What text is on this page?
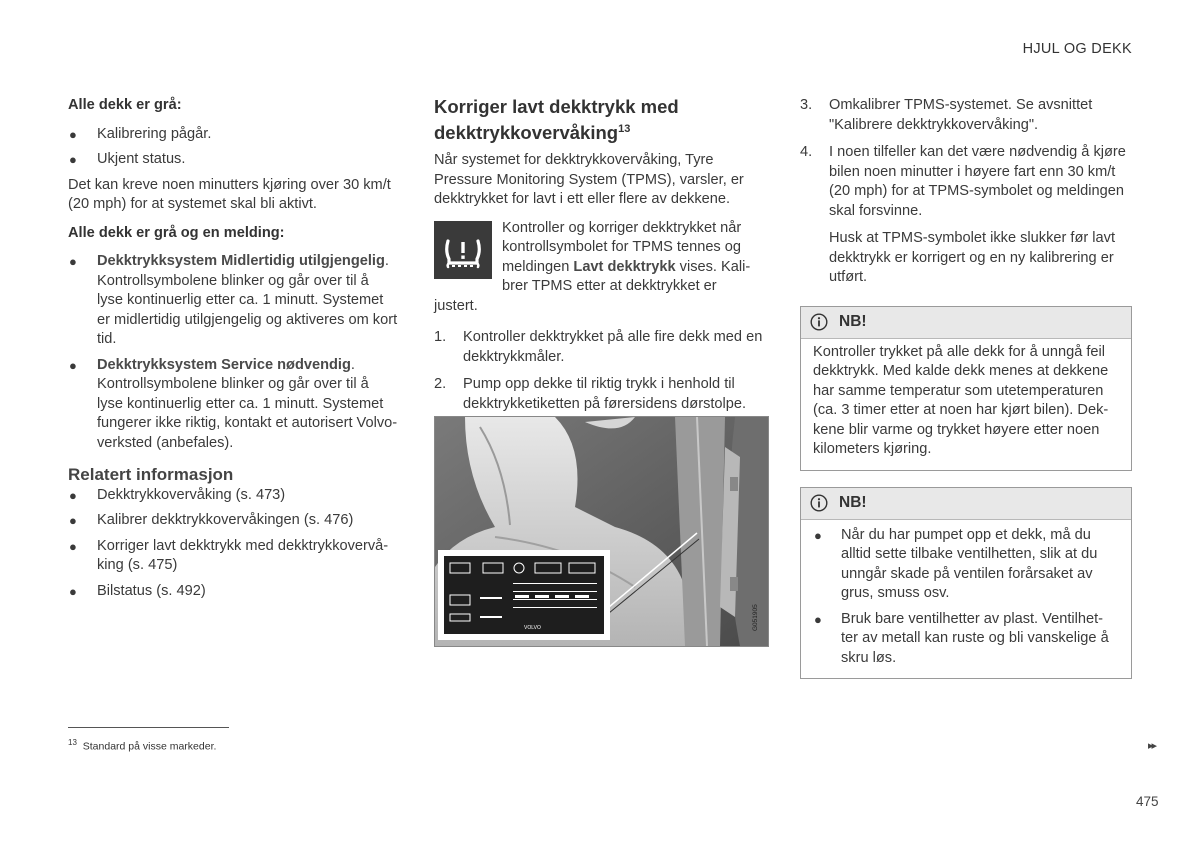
HJUL OG DEKK

Alle dekk er grå:

● Kalibrering pågår.
● Ukjent status.

Det kan kreve noen minutters kjøring over 30 km/t (20 mph) for at systemet skal bli aktivt.

Alle dekk er grå og en melding:

● Dekktrykksystem Midlertidig utilgjengelig. Kontrollsymbolene blinker og går over til å lyse kontinuerlig etter ca. 1 minutt. Systemet er midlertidig utilgjengelig og aktiveres om kort tid.
● Dekktrykksystem Service nødvendig. Kontrollsymbolene blinker og går over til å lyse kontinuerlig etter ca. 1 minutt. Systemet fungerer ikke riktig, kontakt et autorisert Volvo-verksted (anbefales).

Relatert informasjon

● Dekktrykkovervåking (s. 473)
● Kalibrer dekktrykkovervåkingen (s. 476)
● Korriger lavt dekktrykk med dekktrykkovervå-king (s. 475)
● Bilstatus (s. 492)
Korriger lavt dekktrykk med dekktrykkovervåking$^{13}$

Når systemet for dekktrykkovervåking, Tyre Pressure Monitoring System (TPMS), varsler, er dekktrykket for lavt i ett eller flere av dekkene.

Kontroller og korriger dekktrykket når kontrollsymbolet for TPMS tennes og meldingen Lavt dekktrykk vises. Kali-brer TPMS etter at dekktrykket er
justert.

1. Kontroller dekktrykket på alle fire dekk med en dekktrykkmåler.
2. Pump opp dekke til riktig trykk i henhold til dekktrykketiketten på førersidens dørstolpe.
VOLVO	G051905
3. Omkalibrer TPMS-systemet. Se avsnittet "Kalibrere dekktrykkovervåking".
4. I noen tilfeller kan det være nødvendig å kjøre bilen noen minutter i høyere fart enn 30 km/t (20 mph) for at TPMS-symbolet og meldingen skal forsvinne.

Husk at TPMS-symbolet ikke slukker før lavt dekktrykk er korrigert og en ny kalibrering er utført.

NB!

Kontroller trykket på alle dekk for å unngå feil dekktrykk. Med kalde dekk menes at dekkene har samme temperatur som utetemperaturen (ca. 3 timer etter at noen har kjørt bilen). Dek-kene blir varme og trykket høyere etter noen kilometers kjøring.

NB!
● Når du har pumpet opp et dekk, må du alltid sette tilbake ventilhetten, slik at du unngår skade på ventilen forårsaket av grus, smuss osv.
● Bruk bare ventilhetter av plast. Ventilhet-ter av metall kan ruste og bli vanskelige å skru løs.
$^{13}$ Standard på visse markeder.	▸▸
475
